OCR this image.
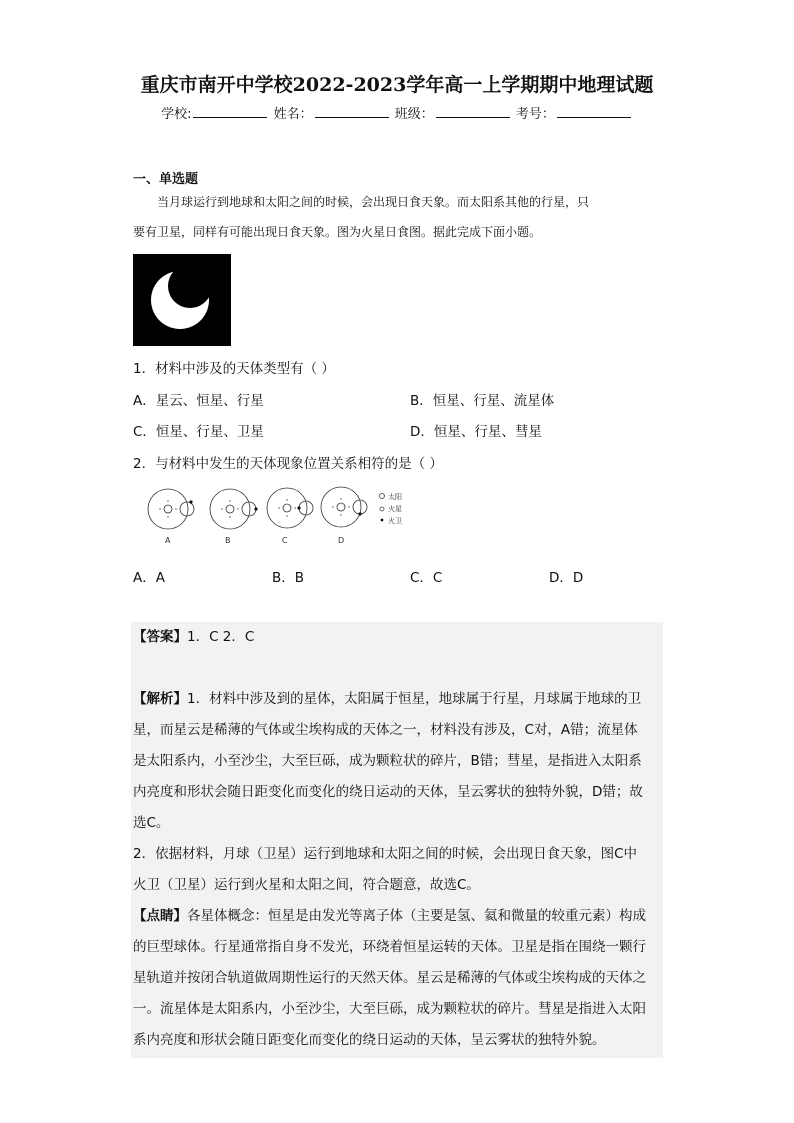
重庆市南开中学校2022-2023学年高一上学期期中地理试题
学校:	姓名：	班级：	考号：
一、单选题
当月球运行到地球和太阳之间的时候，会出现日食天象。而太阳系其他的行星，只
要有卫星，同样有可能出现日食天象。图为火星日食图。据此完成下面小题。
1．材料中涉及的天体类型有（ ）
A．星云、恒星、行星	B．恒星、行星、流星体
C．恒星、行星、卫星	D．恒星、行星、彗星
2．与材料中发生的天体现象位置关系相符的是（ ）
太阳
火星
火卫
A	B	C	D
A．A	B．B	C．C	D．D
【答案】1．C 2．C
【解析】1．材料中涉及到的星体，太阳属于恒星，地球属于行星，月球属于地球的卫
星，而星云是稀薄的气体或尘埃构成的天体之一，材料没有涉及，C对，A错；流星体
是太阳系内，小至沙尘，大至巨砾，成为颗粒状的碎片，B错；彗星，是指进入太阳系
内亮度和形状会随日距变化而变化的绕日运动的天体，呈云雾状的独特外貌，D错；故
选C。
2．依据材料，月球（卫星）运行到地球和太阳之间的时候，会出现日食天象，图C中
火卫（卫星）运行到火星和太阳之间，符合题意，故选C。
【点睛】各星体概念：恒星是由发光等离子体（主要是氢、氦和微量的较重元素）构成
的巨型球体。行星通常指自身不发光，环绕着恒星运转的天体。卫星是指在围绕一颗行
星轨道并按闭合轨道做周期性运行的天然天体。星云是稀薄的气体或尘埃构成的天体之
一。流星体是太阳系内，小至沙尘，大至巨砾，成为颗粒状的碎片。彗星是指进入太阳
系内亮度和形状会随日距变化而变化的绕日运动的天体，呈云雾状的独特外貌。
